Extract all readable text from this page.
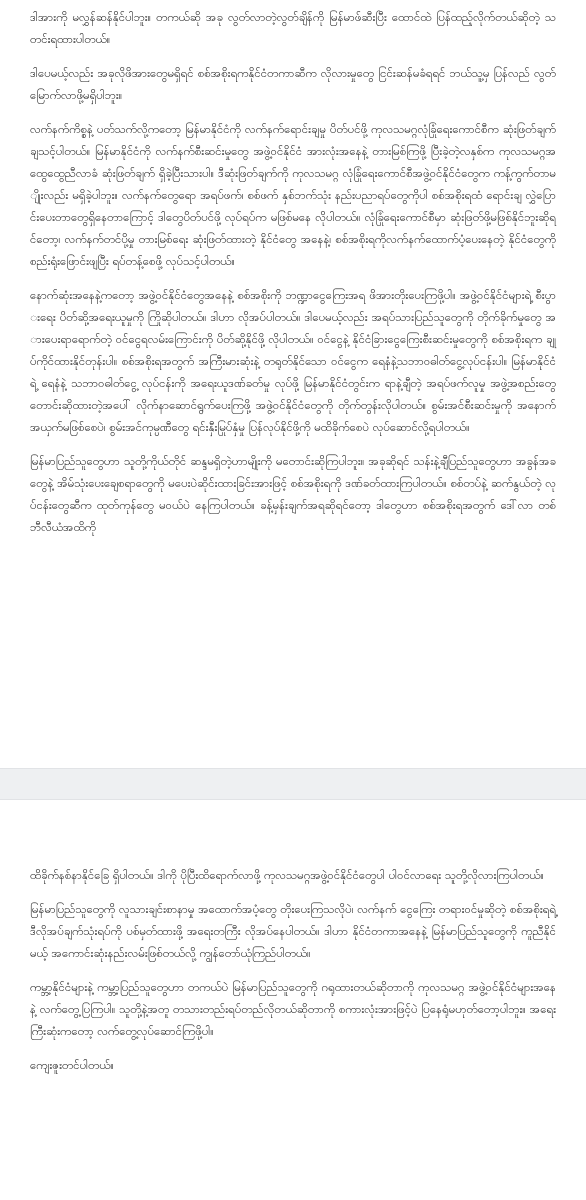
ဒါအားကို မလွှန်ဆန်နိုင်ပါဘူး။ တကယ်ဆို အခု လွတ်လာတဲ့လွတ်ချိန်ကို မြန်မာဖ်ဆီးပြီး ထောင်ထဲ ပြန်ထည့်လိုက်တယ်ဆိုတဲ့ သတင်းရထားပါတယ်။

ဒါပေမယ့်လည်း အခုလိုဖိအားတွေမရှိရင် စစ်အစိုးရကနိုင်ငံတကာဆီက လိုလားမှုတွေ ငြင်းဆန်မခံရရင် ဘယ်သူ့မှ ပြန်လည် လွတ်မြောက်လာဖို့မရှိပါဘူး။

လက်နက်ကိစ္စနဲ့ ပတ်သက်လို့ကတော့ မြန်မာနိုင်ငံကို လက်နက်ရောင်းချမှု ပိတ်ပင်ဖို့ ကုလသမဂ္ဂလုံခြုံရေးကောင်စီက ဆုံးဖြတ်ချက်ချသင့်ပါတယ်။ မြန်မာနိုင်ငံကို လက်နက်စီးဆင်းမှုတွေ အဖွဲ့ဝင်နိုင်ငံ အားလုံးအနေနဲ့ တားမြစ်ကြဖို့ ပြီးခဲ့တဲ့လနှစ်က ကုလသမဂ္ဂအထွေထွေညီလာခံ ဆုံးဖြတ်ချက် ရှိခဲ့ပြီးသားပါ။ ဒီဆုံးဖြတ်ချက်ကို ကုလသမဂ္ဂ လုံခြုံရေးကောင်စီအဖွဲ့ဝင်နိုင်ငံတွေက ကန့်ကွက်တာမျိုးလည်း မရှိခဲ့ပါဘူး။ လက်နက်တွေရော အရပ်ဖက်၊ စစ်ဖက် နှစ်ဘက်သုံး နည်းပညာရပ်တွေကိုပါ စစ်အစိုးရထံ ရောင်းချ လွှဲပြောင်းပေးတာတွေရှိနေတာကြောင့် ဒါတွေပိတ်ပင်ဖို့ လုပ်ရပ်က မဖြစ်မနေ လိုပါတယ်။ လုံခြုံရေးကောင်စီမှာ ဆုံးဖြတ်ဖို့မဖြစ်နိုင်ဘူးဆိုရင်တော့၊ လက်နက်တင်ပို့မှု တားမြစ်ရေး ဆုံးဖြတ်ထားတဲ့ နိုင်ငံတွေ အနေနဲ့၊ စစ်အစိုးရကိုလက်နက်ထောက်ပံ့ပေးနေတဲ့ နိုင်ငံတွေကို စည်းရုံးဖြောင်းဖျပြီး ရပ်တန့်စေဖို့ လုပ်သင့်ပါတယ်။

နောက်ဆုံးအနေနဲ့ကတော့ အဖွဲ့ဝင်နိုင်ငံတွေအနေနဲ့ စစ်အစိုးကို ဘဏ္ဍာငွေကြေးအရ ဖိအားတိုးပေးကြဖို့ပါ။ အဖွဲ့ဝင်နိုင်ငံများရဲ့ စီးပွားရေး ပိတ်ဆို့အရေးယူမှုကို ကြိုဆိုပါတယ်။ ဒါဟာ လိုအပ်ပါတယ်။ ဒါပေမယ့်လည်း အရပ်သားပြည်သူတွေကို တိုက်ခိုက်မှုတွေ အားပေးရာရောက်တဲ့ ဝင်ငွေရလမ်းကြောင်းကို ပိတ်ဆို့နိုင်ဖို့ လိုပါတယ်။ ဝင်ငွေနဲ့ နိုင်ငံခြားငွေကြေးစီးဆင်းမှုတွေကို စစ်အစိုးရက ချုပ်ကိုင်ထားနိုင်တုန်းပါ။ စစ်အစိုးရအတွက် အကြီးမားဆုံးနဲ့ တရုတ်နိုင်သော ဝင်ငွေက ရေနံနဲ့သဘာဝဓါတ်ငွေ့လုပ်ငန်းပါ။ မြန်မာနိုင်ငံရဲ့ ရေနံနဲ့ သဘာဝဓါတ်ငွေ့ လုပ်ငန်းကို အရေးယူဒဏ်ခတ်မှု လုပ်ဖို့ မြန်မာနိုင်ငံတွင်းက ရာနဲ့ချီတဲ့ အရပ်ဖက်လူမှု အဖွဲ့အစည်းတွေ တောင်းဆိုထားတဲ့အပေါ် လိုက်နာဆောင်ရွက်ပေးကြဖို့ အဖွဲ့ဝင်နိုင်ငံတွေကို တိုက်တွန်းလိုပါတယ်။ စွမ်းအင်စီးဆင်းမှုကို အနောက်အယှက်မဖြစ်စေပဲ၊ စွမ်းအင်ကုမ္ပဏီတွေ ရင်းနှီးမြုပ်နှံမှု ပြန်လုပ်နိုင်ဖို့ကို မထိခိုက်စေပဲ လုပ်ဆောင်လို့ရပါတယ်။

မြန်မာပြည်သူတွေဟာ သူတို့ကိုယ်တိုင် ဆန္ဒမရှိတဲ့ဟာမျိုးကို မတောင်းဆိုကြပါဘူး။ အခုဆိုရင် သန်းနဲ့ချီပြည်သူတွေဟာ အခွန်အခတွေနဲ့ အိမ်သုံးပေးချေစရာတွေကို မပေးပဲဆိုင်းထားခြင်းအားဖြင့် စစ်အစိုးရကို ဒဏ်ခတ်ထားကြပါတယ်။ စစ်တပ်နဲ့ ဆက်နွယ်တဲ့ လုပ်ငန်းတွေဆီက ထုတ်ကုန်တွေ မဝယ်ပဲ နေကြပါတယ်။ ခန့်မှန်းချက်အရဆိုရင်တော့ ဒါတွေဟာ စစ်အစိုးရအတွက် ဒေါ်လာ တစ် ဘီလီယံအထိကို

ထိခိုက်နစ်နာနိုင်ခြေ ရှိပါတယ်။ ဒါကို ပိုပြီးထိရောက်လာဖို့ ကုလသမဂ္ဂအဖွဲ့ဝင်နိုင်ငံတွေပါ ပါဝင်လာရေး သူတို့လိုလားကြပါတယ်။

မြန်မာပြည်သူတွေကို လူသားချင်းစာနာမှု အထောက်အပံ့တွေ တိုးပေးကြသလိုပဲ၊ လက်နက် ငွေကြေး တရားဝင်မှုဆိုတဲ့ စစ်အစိုးရရဲ့ ဒီလိုအပ်ချက်သုံးရပ်ကို ပစ်မှတ်ထားဖို့ အရေးတကြီး လိုအပ်နေပါတယ်။ ဒါဟာ နိုင်ငံတကာအနေနဲ့ မြန်မာပြည်သူတွေကို ကူညီနိုင်မယ့် အကောင်းဆုံးနည်းလမ်းဖြစ်တယ်လို့ ကျွန်တော်ယုံကြည်ပါတယ်။

ကမ္ဘာ့နိုင်ငံများနဲ့ ကမ္ဘာ့ပြည်သူတွေဟာ တကယ်ပဲ မြန်မာပြည်သူတွေကို ဂရုထားတယ်ဆိုတာကို ကုလသမဂ္ဂ အဖွဲ့ဝင်နိုင်ငံများအနေနဲ့ လက်တွေ့ပြကြပါ။ သူတို့နဲ့အတူ တသားတည်းရပ်တည်လိုတယ်ဆိုတာကို စကားလုံးအားဖြင့်ပဲ ပြနေရုံမဟုတ်တော့ပါဘူး။ အရေးကြီးဆုံးကတော့ လက်တွေ့လုပ်ဆောင်ကြဖို့ပါ။

ကျေးဇူးတင်ပါတယ်။
